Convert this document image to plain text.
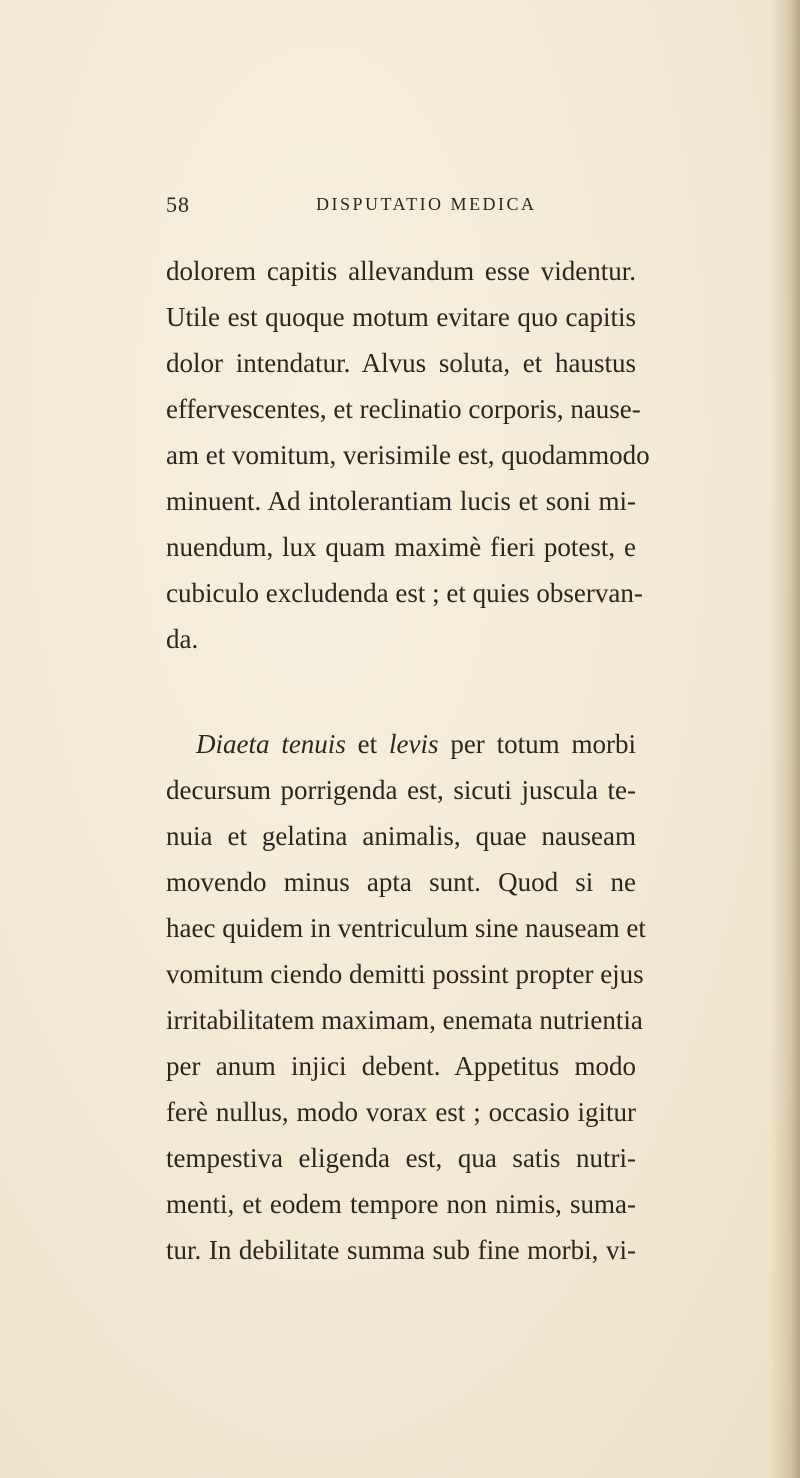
58	DISPUTATIO MEDICA
dolorem capitis allevandum esse videntur.
Utile est quoque motum evitare quo capitis
dolor intendatur. Alvus soluta, et haustus
effervescentes, et reclinatio corporis, nause-
am et vomitum, verisimile est, quodammodo
minuent. Ad intolerantiam lucis et soni mi-
nuendum, lux quam maximè fieri potest, e
cubiculo excludenda est ; et quies observan-
da.
Diaeta tenuis et levis per totum morbi
decursum porrigenda est, sicuti juscula te-
nuia et gelatina animalis, quae nauseam
movendo minus apta sunt. Quod si ne
haec quidem in ventriculum sine nauseam et
vomitum ciendo demitti possint propter ejus
irritabilitatem maximam, enemata nutrientia
per anum injici debent. Appetitus modo
ferè nullus, modo vorax est ; occasio igitur
tempestiva eligenda est, qua satis nutri-
menti, et eodem tempore non nimis, suma-
tur. In debilitate summa sub fine morbi, vi-
